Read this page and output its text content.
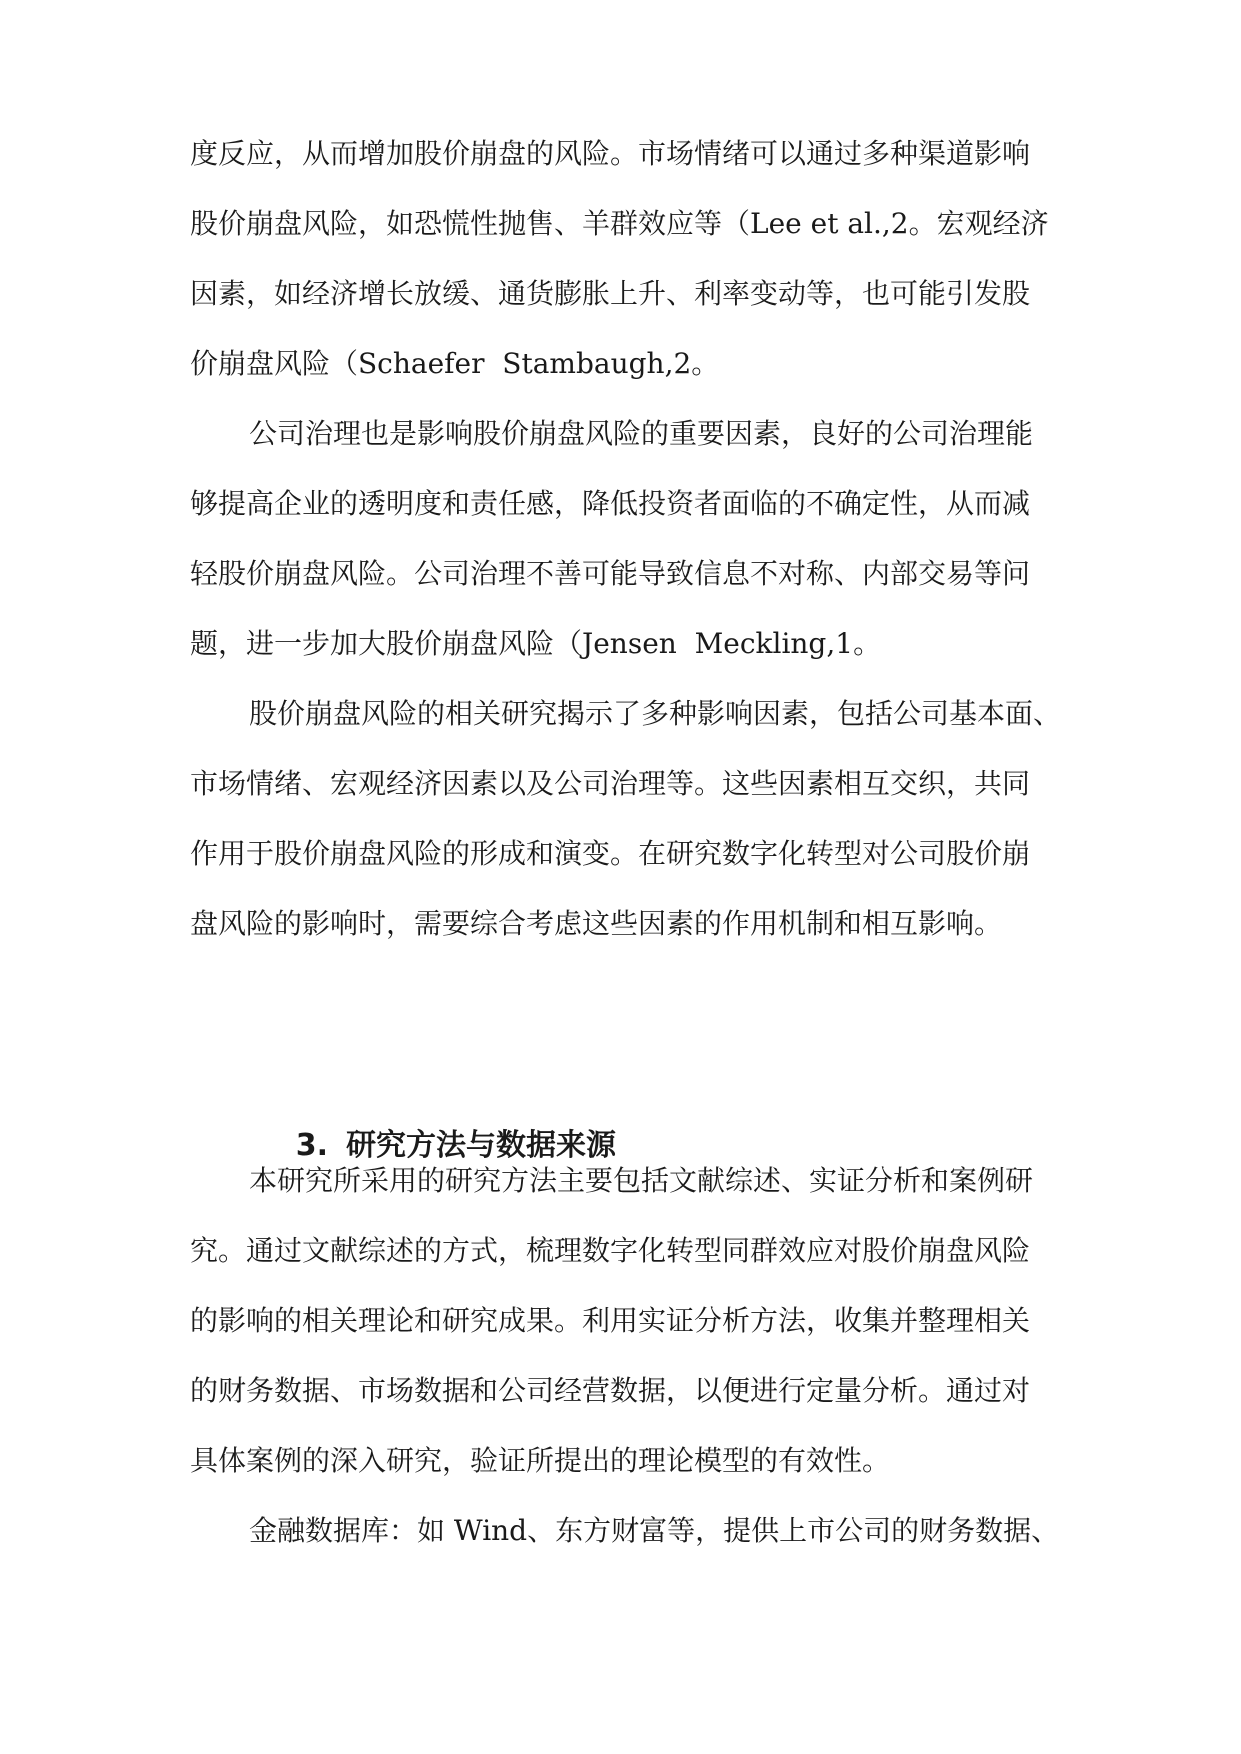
度反应，从而增加股价崩盘的风险。市场情绪可以通过多种渠道影响
股价崩盘风险，如恐慌性抛售、羊群效应等（Lee et al.,2。宏观经济
因素，如经济增长放缓、通货膨胀上升、利率变动等，也可能引发股
价崩盘风险（Schaefer  Stambaugh,2。
公司治理也是影响股价崩盘风险的重要因素，良好的公司治理能
够提高企业的透明度和责任感，降低投资者面临的不确定性，从而减
轻股价崩盘风险。公司治理不善可能导致信息不对称、内部交易等问
题，进一步加大股价崩盘风险（Jensen  Meckling,1。
股价崩盘风险的相关研究揭示了多种影响因素，包括公司基本面、
市场情绪、宏观经济因素以及公司治理等。这些因素相互交织，共同
作用于股价崩盘风险的形成和演变。在研究数字化转型对公司股价崩
盘风险的影响时，需要综合考虑这些因素的作用机制和相互影响。

3. 研究方法与数据来源

本研究所采用的研究方法主要包括文献综述、实证分析和案例研
究。通过文献综述的方式，梳理数字化转型同群效应对股价崩盘风险
的影响的相关理论和研究成果。利用实证分析方法，收集并整理相关
的财务数据、市场数据和公司经营数据，以便进行定量分析。通过对
具体案例的深入研究，验证所提出的理论模型的有效性。
金融数据库：如 Wind、东方财富等，提供上市公司的财务数据、
